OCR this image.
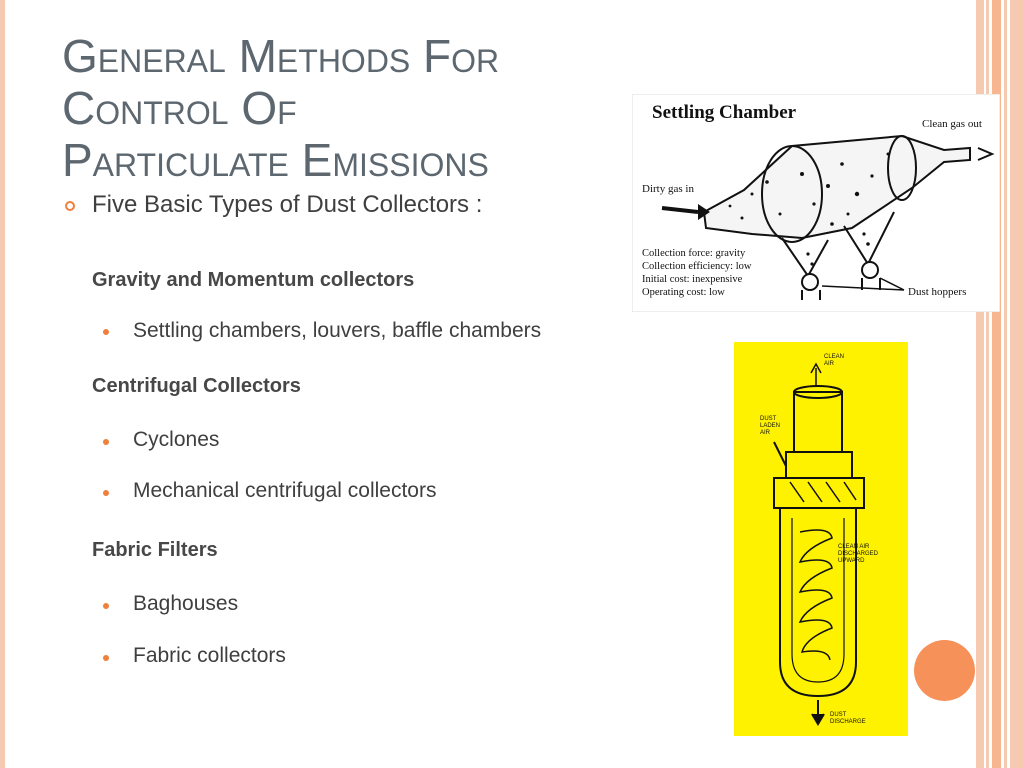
General Methods For Control Of
Particulate Emissions
Five Basic Types of Dust Collectors :
Gravity and Momentum collectors
Settling chambers, louvers, baffle chambers
Centrifugal Collectors
Cyclones
Mechanical centrifugal collectors
Fabric Filters
Baghouses
Fabric collectors
Settling Chamber
Clean gas out
Dirty gas in
Collection force: gravity
Collection efficiency: low
Initial cost: inexpensive
Operating cost: low	Dust hoppers
CLEAN AIR
DUST LADEN AIR
CLEAN AIR DISCHARGED UPWARD
DUST DISCHARGE
